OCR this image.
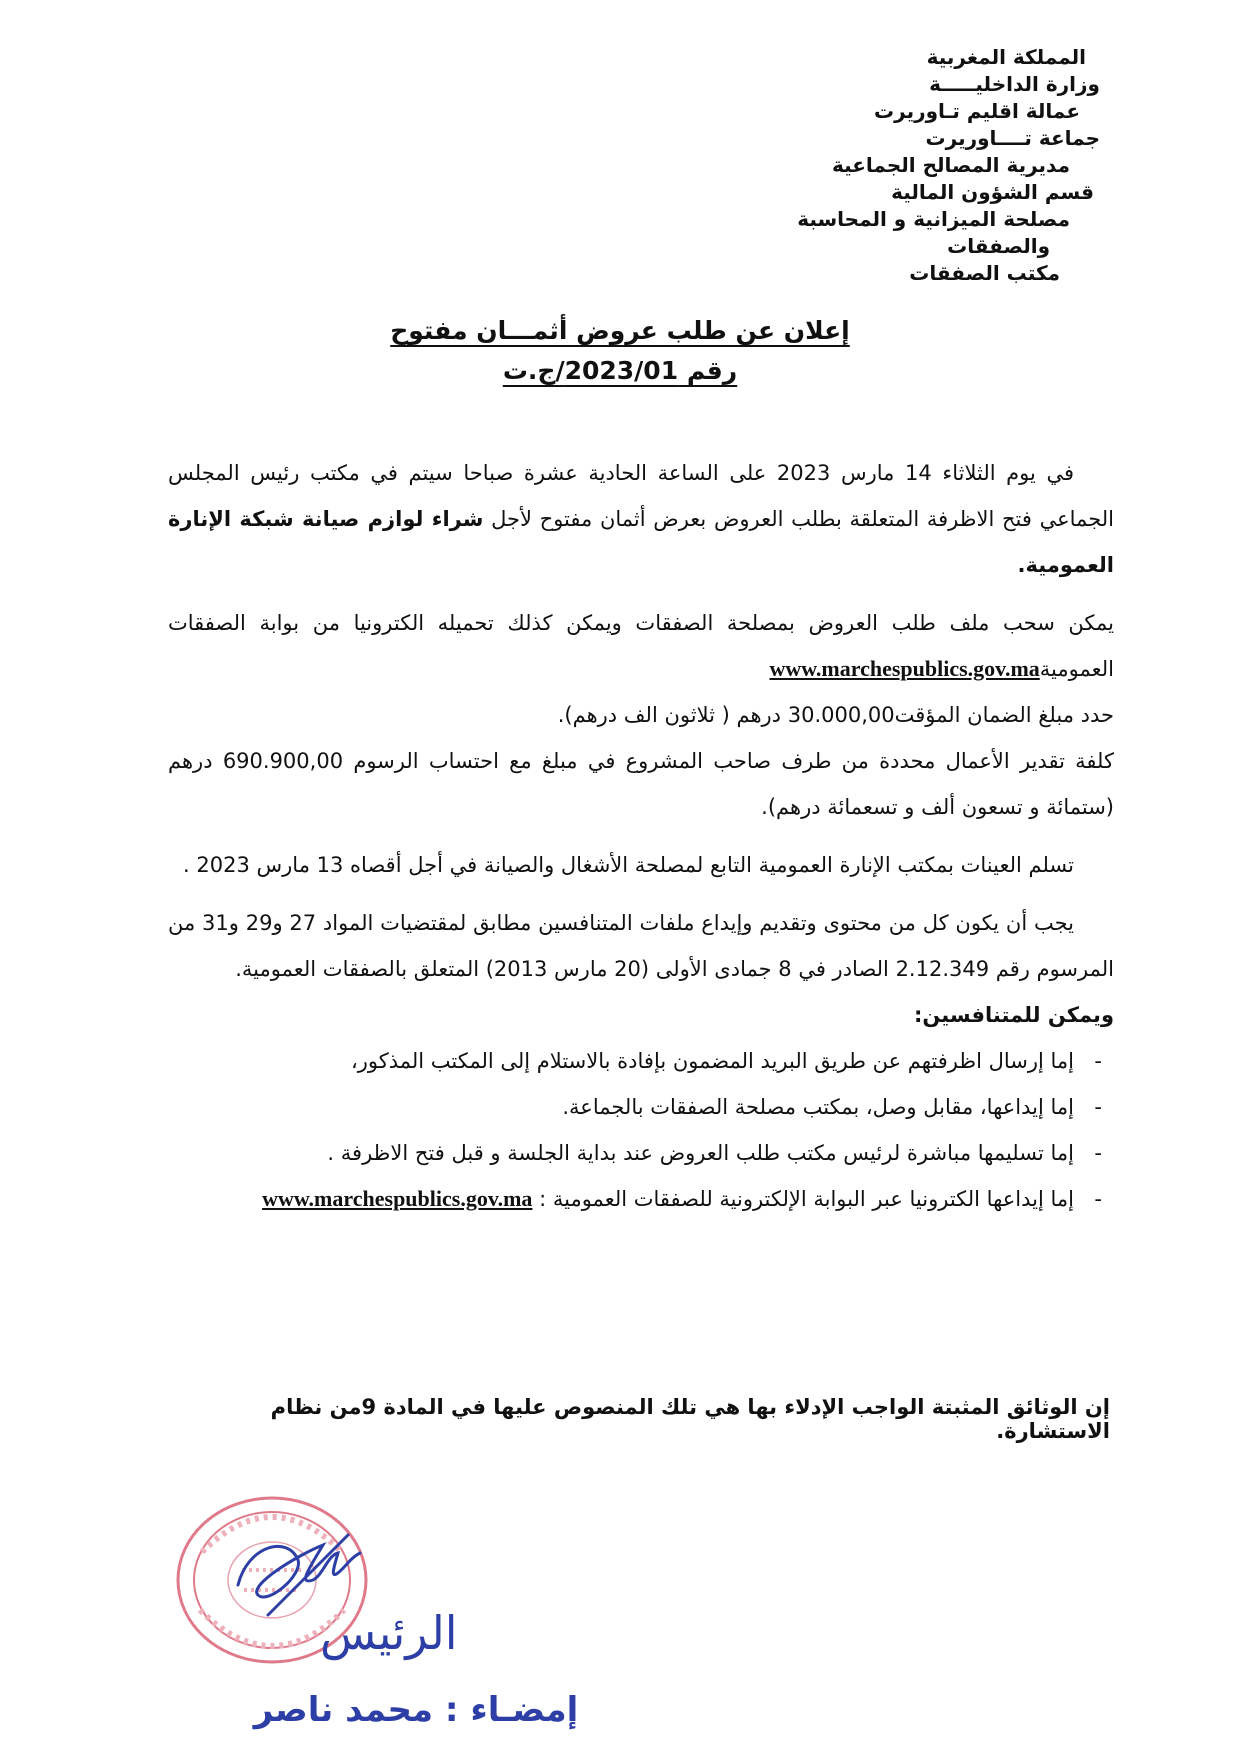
المملكة المغربية
وزارة الداخليـــــة
عمالة اقليم تـاوريرت
جماعة تــــاوريرت
مديرية المصالح الجماعية
قسم الشؤون المالية
مصلحة الميزانية و المحاسبة
والصفقات
مكتب الصفقات
إعلان عن طلب عروض أثمـــان مفتوح
رقم 2023/01/ج.ت

في يوم الثلاثاء 14 مارس 2023 على الساعة الحادية عشرة صباحا سيتم في مكتب رئيس المجلس الجماعي فتح الاظرفة المتعلقة بطلب العروض بعرض أثمان مفتوح لأجل شراء لوازم صيانة شبكة الإنارة العمومية.

يمكن سحب ملف طلب العروض بمصلحة الصفقات ويمكن كذلك تحميله الكترونيا من بوابة الصفقات العموميةwww.marchespublics.gov.ma

حدد مبلغ الضمان المؤقت30.000,00 درهم ( ثلاثون الف درهم).

كلفة تقدير الأعمال محددة من طرف صاحب المشروع في مبلغ مع احتساب الرسوم 690.900,00 درهم (ستمائة و تسعون ألف و تسعمائة درهم).

تسلم العينات بمكتب الإنارة العمومية التابع لمصلحة الأشغال والصيانة في أجل أقصاه 13 مارس 2023 .

يجب أن يكون كل من محتوى وتقديم وإيداع ملفات المتنافسين مطابق لمقتضيات المواد 27 و29 و31 من المرسوم رقم 2.12.349 الصادر في 8 جمادى الأولى (20 مارس 2013) المتعلق بالصفقات العمومية.

ويمكن للمتنافسين:

- إما إرسال اظرفتهم عن طريق البريد المضمون بإفادة بالاستلام إلى المكتب المذكور،
- إما إيداعها، مقابل وصل، بمكتب مصلحة الصفقات بالجماعة.
- إما تسليمها مباشرة لرئيس مكتب طلب العروض عند بداية الجلسة و قبل فتح الاظرفة .
- إما إيداعها الكترونيا عبر البوابة الإلكترونية للصفقات العمومية : www.marchespublics.gov.ma
إن الوثائق المثبتة الواجب الإدلاء بها هي تلك المنصوص عليها في المادة 9من نظام الاستشارة.
الرئيس
إمضـاء : محمد ناصر
